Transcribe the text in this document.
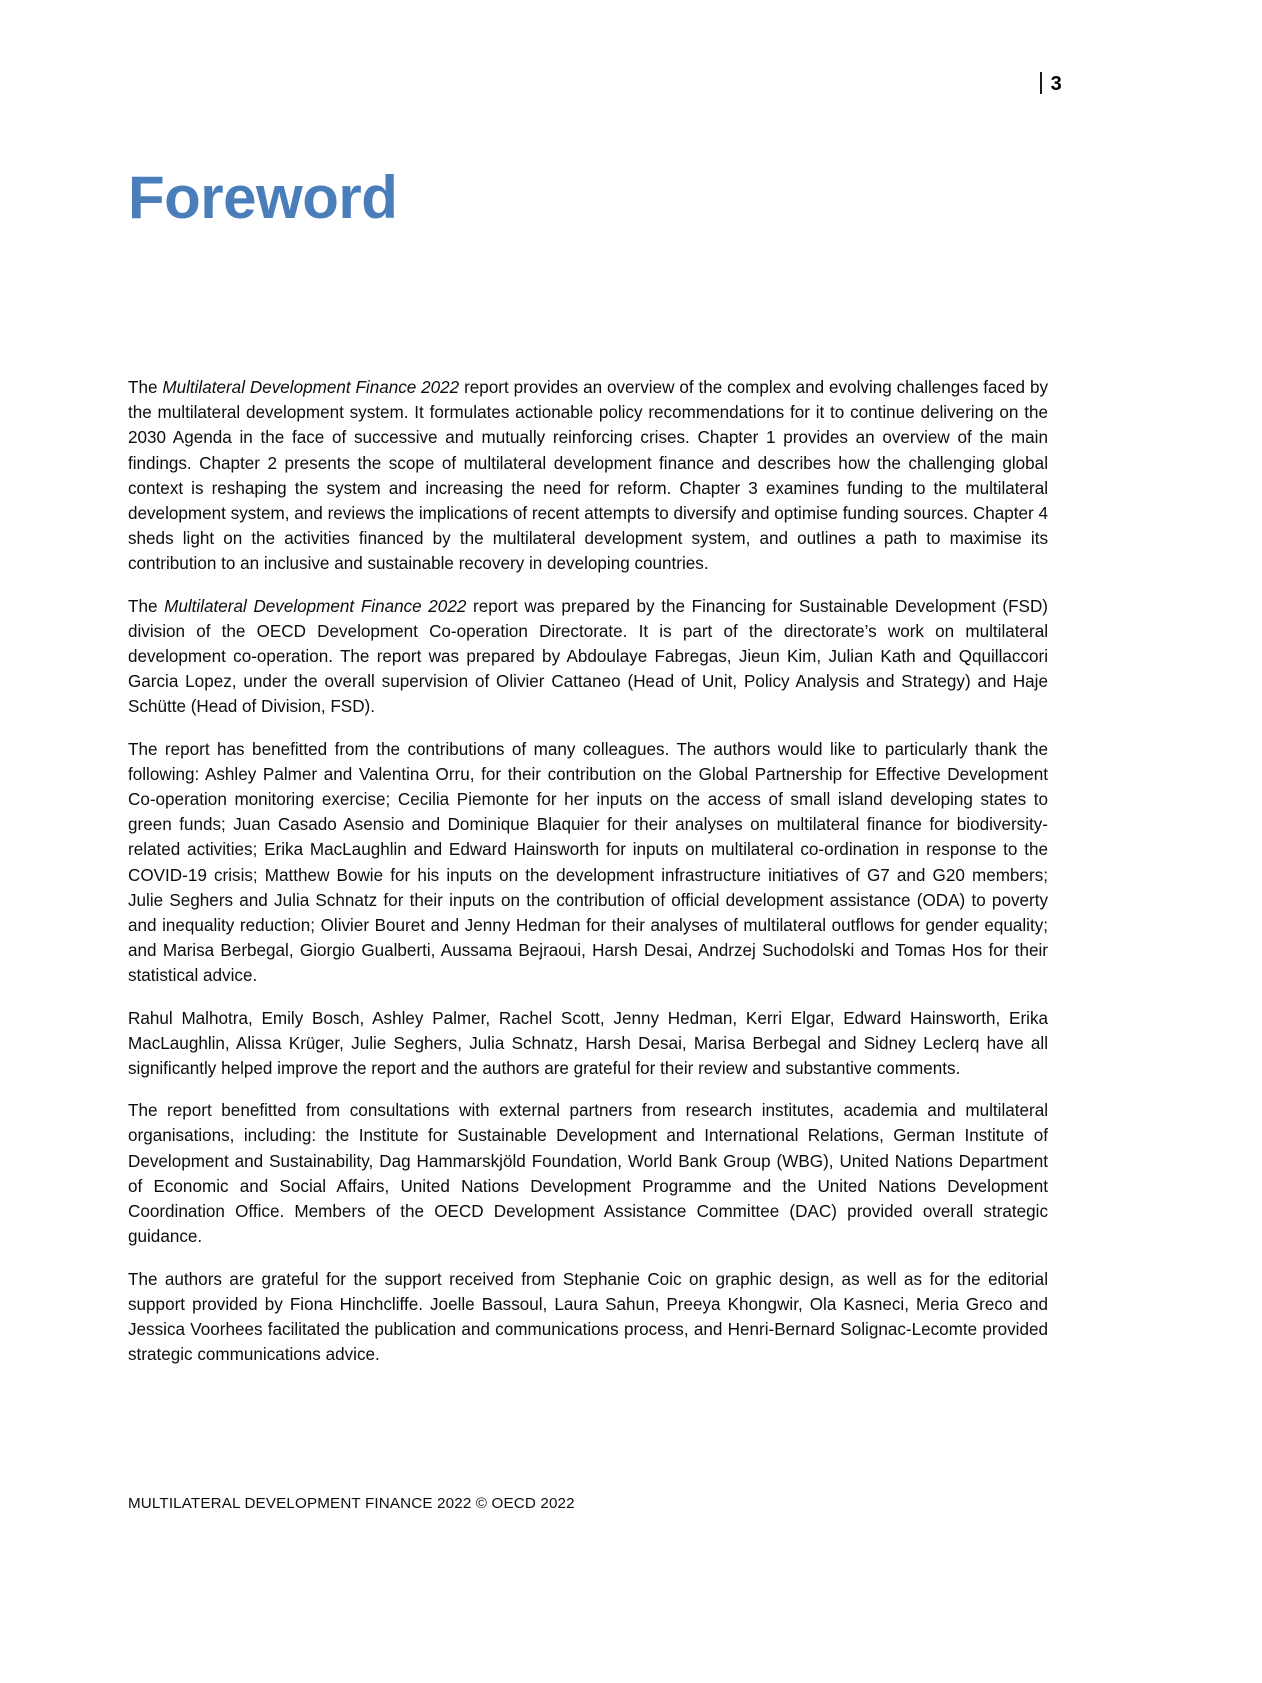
3
Foreword

The Multilateral Development Finance 2022 report provides an overview of the complex and evolving challenges faced by the multilateral development system. It formulates actionable policy recommendations for it to continue delivering on the 2030 Agenda in the face of successive and mutually reinforcing crises. Chapter 1 provides an overview of the main findings. Chapter 2 presents the scope of multilateral development finance and describes how the challenging global context is reshaping the system and increasing the need for reform. Chapter 3 examines funding to the multilateral development system, and reviews the implications of recent attempts to diversify and optimise funding sources. Chapter 4 sheds light on the activities financed by the multilateral development system, and outlines a path to maximise its contribution to an inclusive and sustainable recovery in developing countries.

The Multilateral Development Finance 2022 report was prepared by the Financing for Sustainable Development (FSD) division of the OECD Development Co-operation Directorate. It is part of the directorate’s work on multilateral development co-operation. The report was prepared by Abdoulaye Fabregas, Jieun Kim, Julian Kath and Qquillaccori Garcia Lopez, under the overall supervision of Olivier Cattaneo (Head of Unit, Policy Analysis and Strategy) and Haje Schütte (Head of Division, FSD).

The report has benefitted from the contributions of many colleagues. The authors would like to particularly thank the following: Ashley Palmer and Valentina Orru, for their contribution on the Global Partnership for Effective Development Co-operation monitoring exercise; Cecilia Piemonte for her inputs on the access of small island developing states to green funds; Juan Casado Asensio and Dominique Blaquier for their analyses on multilateral finance for biodiversity-related activities; Erika MacLaughlin and Edward Hainsworth for inputs on multilateral co-ordination in response to the COVID-19 crisis; Matthew Bowie for his inputs on the development infrastructure initiatives of G7 and G20 members; Julie Seghers and Julia Schnatz for their inputs on the contribution of official development assistance (ODA) to poverty and inequality reduction; Olivier Bouret and Jenny Hedman for their analyses of multilateral outflows for gender equality; and Marisa Berbegal, Giorgio Gualberti, Aussama Bejraoui, Harsh Desai, Andrzej Suchodolski and Tomas Hos for their statistical advice.

Rahul Malhotra, Emily Bosch, Ashley Palmer, Rachel Scott, Jenny Hedman, Kerri Elgar, Edward Hainsworth, Erika MacLaughlin, Alissa Krüger, Julie Seghers, Julia Schnatz, Harsh Desai, Marisa Berbegal and Sidney Leclerq have all significantly helped improve the report and the authors are grateful for their review and substantive comments.

The report benefitted from consultations with external partners from research institutes, academia and multilateral organisations, including: the Institute for Sustainable Development and International Relations, German Institute of Development and Sustainability, Dag Hammarskjöld Foundation, World Bank Group (WBG), United Nations Department of Economic and Social Affairs, United Nations Development Programme and the United Nations Development Coordination Office. Members of the OECD Development Assistance Committee (DAC) provided overall strategic guidance.

The authors are grateful for the support received from Stephanie Coic on graphic design, as well as for the editorial support provided by Fiona Hinchcliffe. Joelle Bassoul, Laura Sahun, Preeya Khongwir, Ola Kasneci, Meria Greco and Jessica Voorhees facilitated the publication and communications process, and Henri-Bernard Solignac-Lecomte provided strategic communications advice.

MULTILATERAL DEVELOPMENT FINANCE 2022 © OECD 2022
